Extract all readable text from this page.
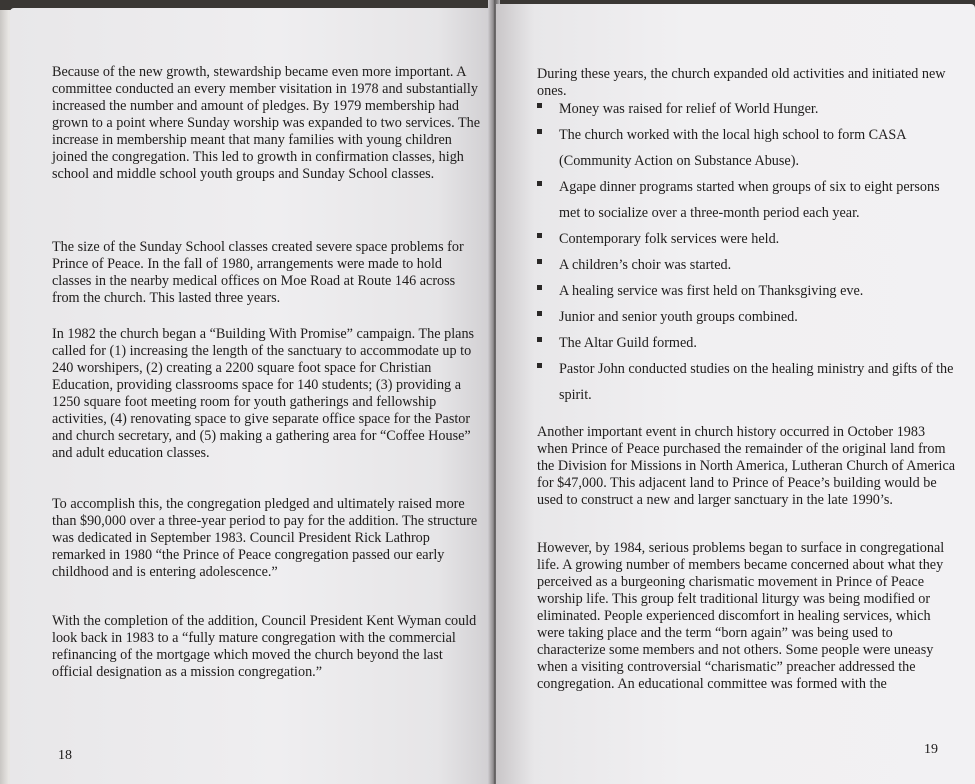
Because of the new growth, stewardship became even more important. A committee conducted an every member visitation in 1978 and substantially increased the number and amount of pledges. By 1979 membership had grown to a point where Sunday worship was expanded to two services. The increase in membership meant that many families with young children joined the congregation. This led to growth in confirmation classes, high school and middle school youth groups and Sunday School classes.

The size of the Sunday School classes created severe space problems for Prince of Peace. In the fall of 1980, arrangements were made to hold classes in the nearby medical offices on Moe Road at Route 146 across from the church. This lasted three years.

In 1982 the church began a “Building With Promise” campaign. The plans called for (1) increasing the length of the sanctuary to accommodate up to 240 worshipers, (2) creating a 2200 square foot space for Christian Education, providing classrooms space for 140 students; (3) providing a 1250 square foot meeting room for youth gatherings and fellowship activities, (4) renovating space to give separate office space for the Pastor and church secretary, and (5) making a gathering area for “Coffee House” and adult education classes.

To accomplish this, the congregation pledged and ultimately raised more than $90,000 over a three-year period to pay for the addition. The structure was dedicated in September 1983. Council President Rick Lathrop remarked in 1980 “the Prince of Peace congregation passed our early childhood and is entering adolescence.”

With the completion of the addition, Council President Kent Wyman could look back in 1983 to a “fully mature congregation with the commercial refinancing of the mortgage which moved the church beyond the last official designation as a mission congregation.”

18

During these years, the church expanded old activities and initiated new ones.

Money was raised for relief of World Hunger.
The church worked with the local high school to form CASA (Community Action on Substance Abuse).
Agape dinner programs started when groups of six to eight persons met to socialize over a three-month period each year.
Contemporary folk services were held.
A children’s choir was started.
A healing service was first held on Thanksgiving eve.
Junior and senior youth groups combined.
The Altar Guild formed.
Pastor John conducted studies on the healing ministry and gifts of the spirit.

Another important event in church history occurred in October 1983 when Prince of Peace purchased the remainder of the original land from the Division for Missions in North America, Lutheran Church of America for $47,000. This adjacent land to Prince of Peace’s building would be used to construct a new and larger sanctuary in the late 1990’s.

However, by 1984, serious problems began to surface in congregational life. A growing number of members became concerned about what they perceived as a burgeoning charismatic movement in Prince of Peace worship life. This group felt traditional liturgy was being modified or eliminated. People experienced discomfort in healing services, which were taking place and the term “born again” was being used to characterize some members and not others. Some people were uneasy when a visiting controversial “charismatic” preacher addressed the congregation. An educational committee was formed with the

19
